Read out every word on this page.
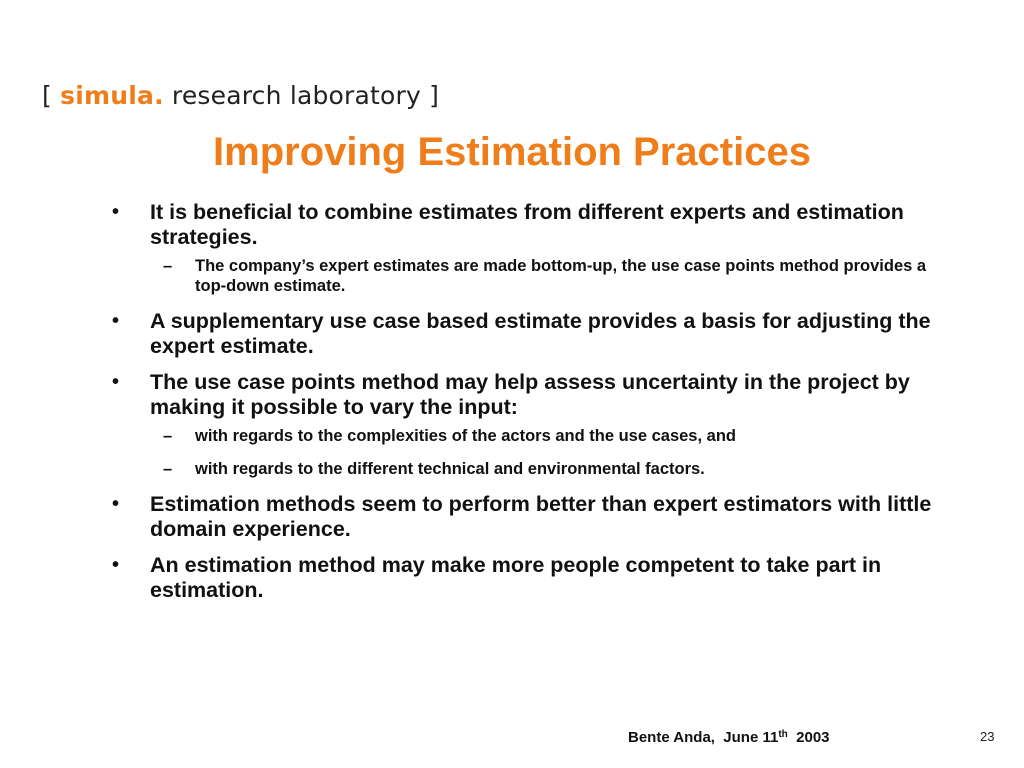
[ simula. research laboratory ]
Improving Estimation Practices
• It is beneficial to combine estimates from different experts and estimation strategies.
– The company’s expert estimates are made bottom-up, the use case points method provides a top-down estimate.
• A supplementary use case based estimate provides a basis for adjusting the expert estimate.
• The use case points method may help assess uncertainty in the project by making it possible to vary the input:
– with regards to the complexities of the actors and the use cases, and
– with regards to the different technical and environmental factors.
• Estimation methods seem to perform better than expert estimators with little domain experience.
• An estimation method may make more people competent to take part in estimation.
Bente Anda, June 11th 2003	23
